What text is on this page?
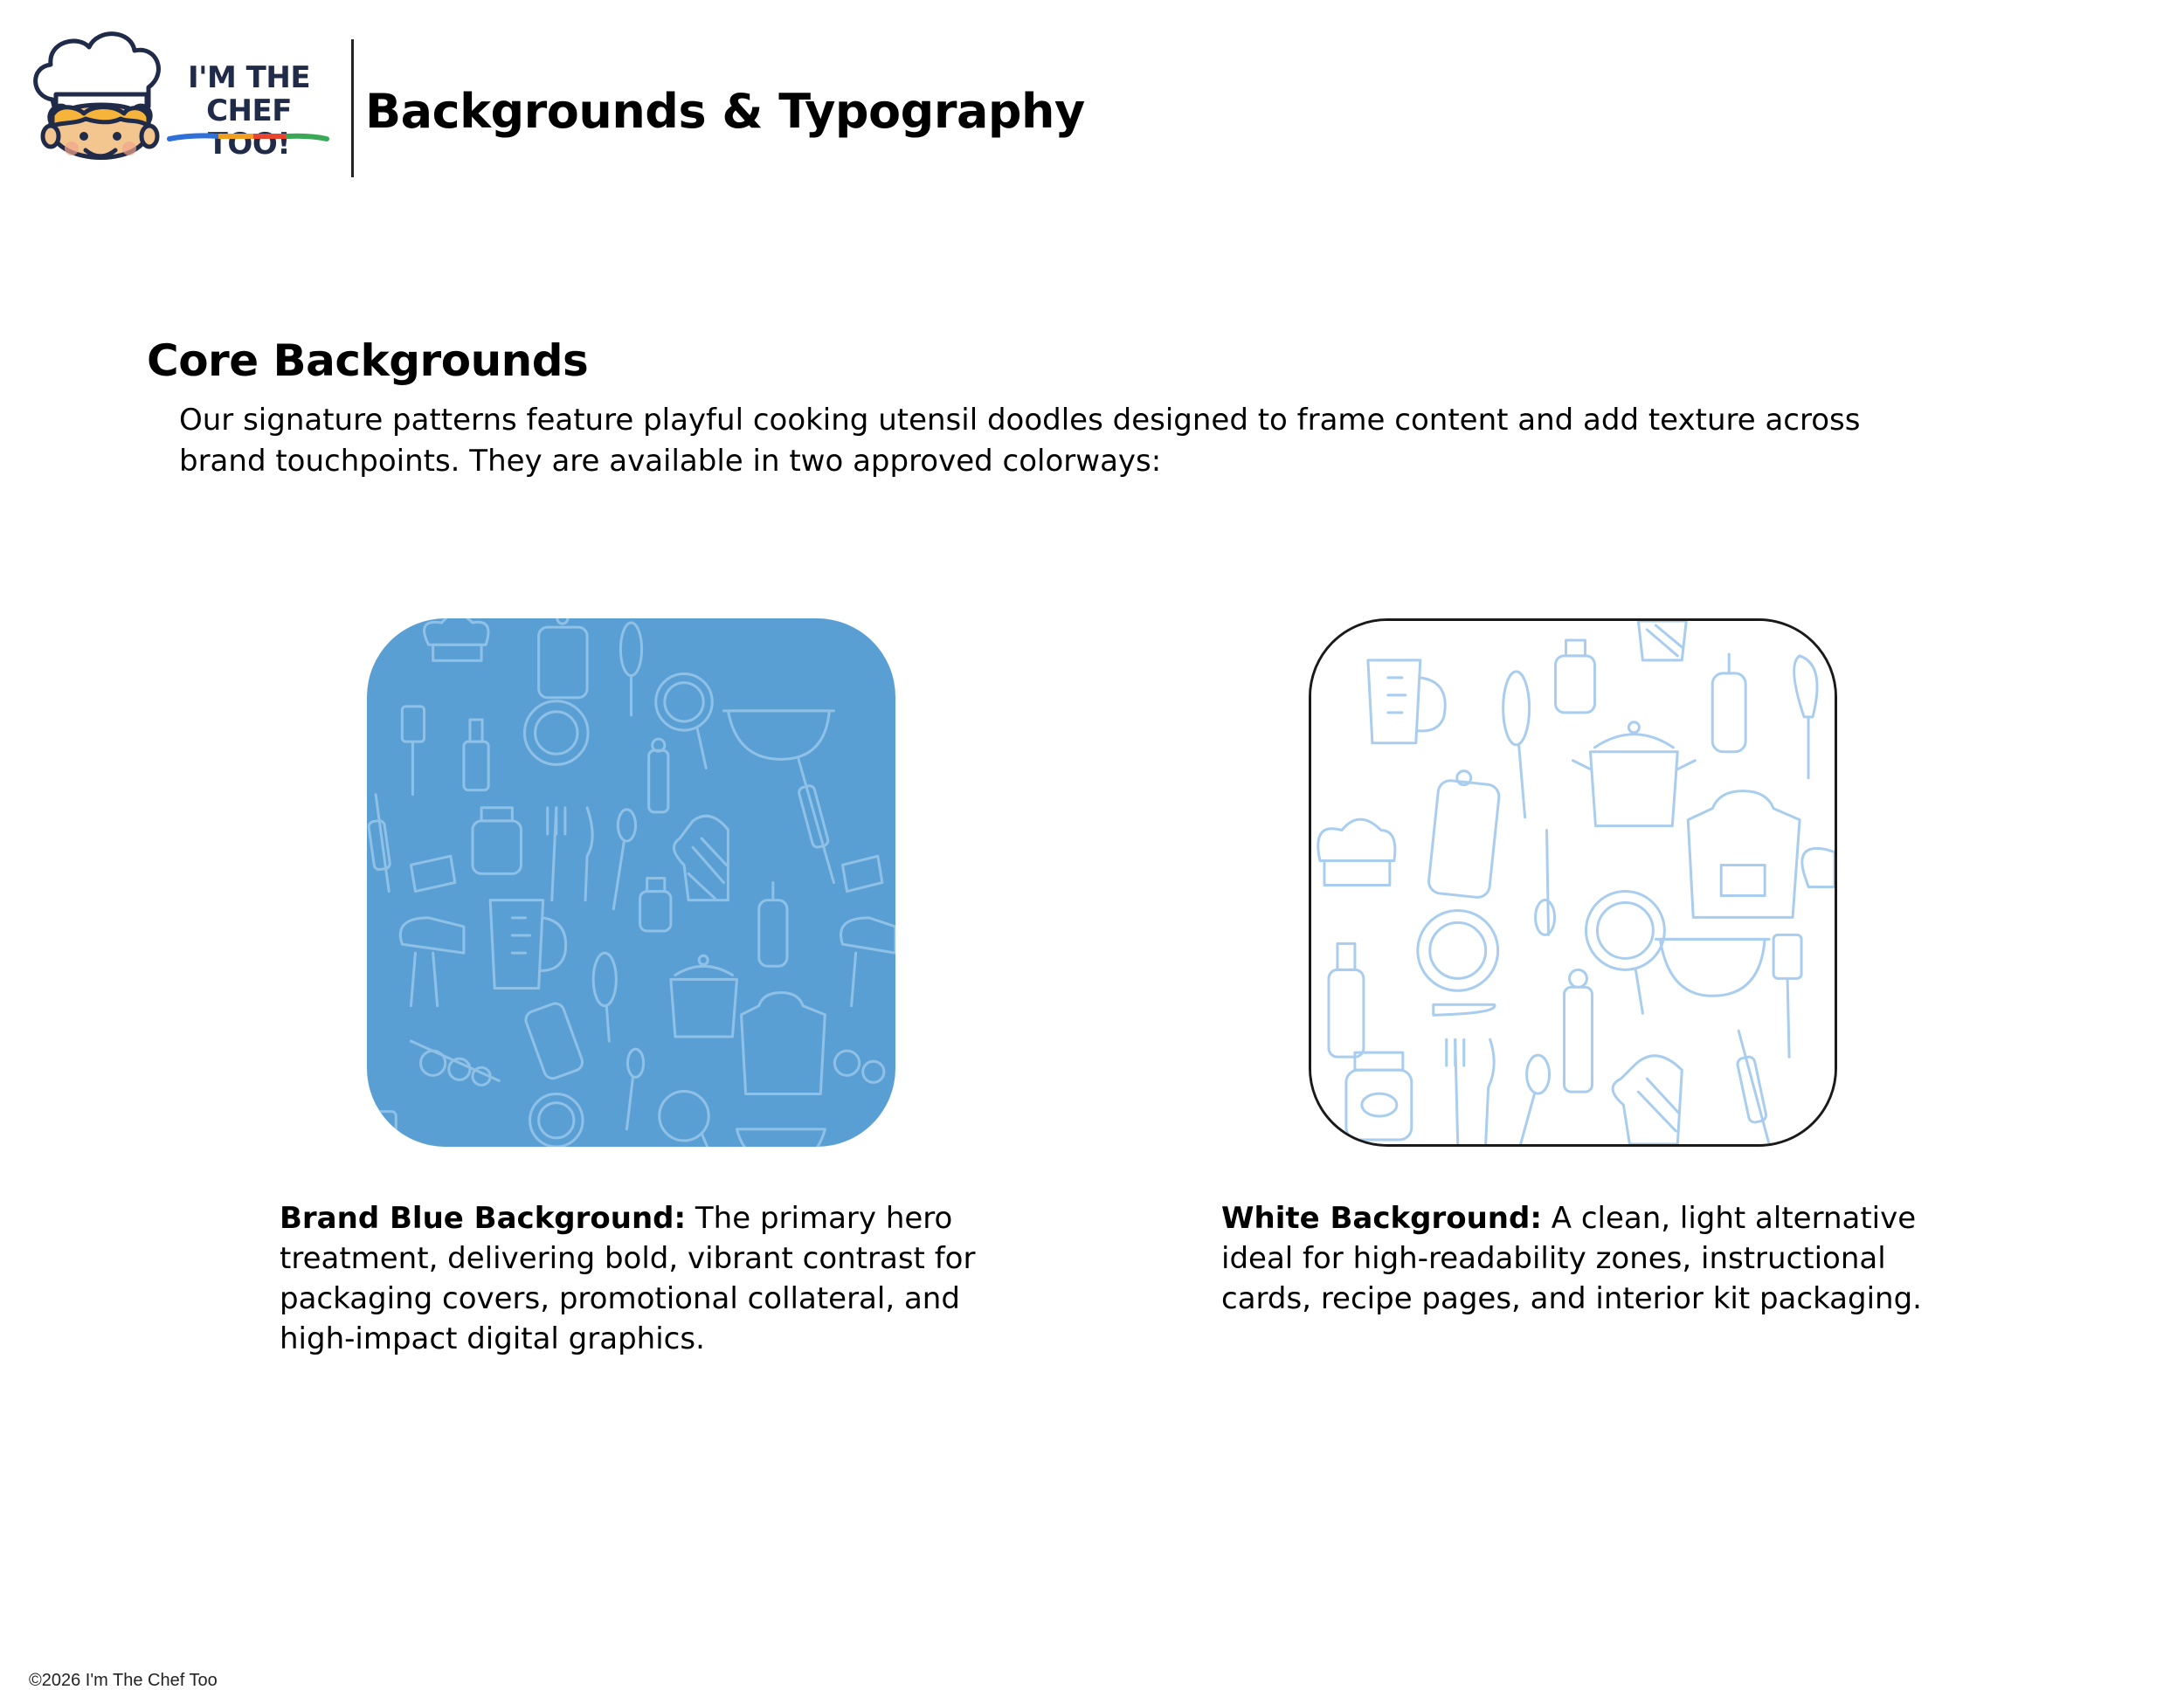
I'M THE
CHEF TOO!
Backgrounds & Typography
Core Backgrounds

Our signature patterns feature playful cooking utensil doodles designed to frame content and add texture across brand touchpoints. They are available in two approved colorways:

Brand Blue Background: The primary hero treatment, delivering bold, vibrant contrast for packaging covers, promotional collateral, and high-impact digital graphics.

White Background: A clean, light alternative ideal for high-readability zones, instructional cards, recipe pages, and interior kit packaging.

©2026 I'm The Chef Too
